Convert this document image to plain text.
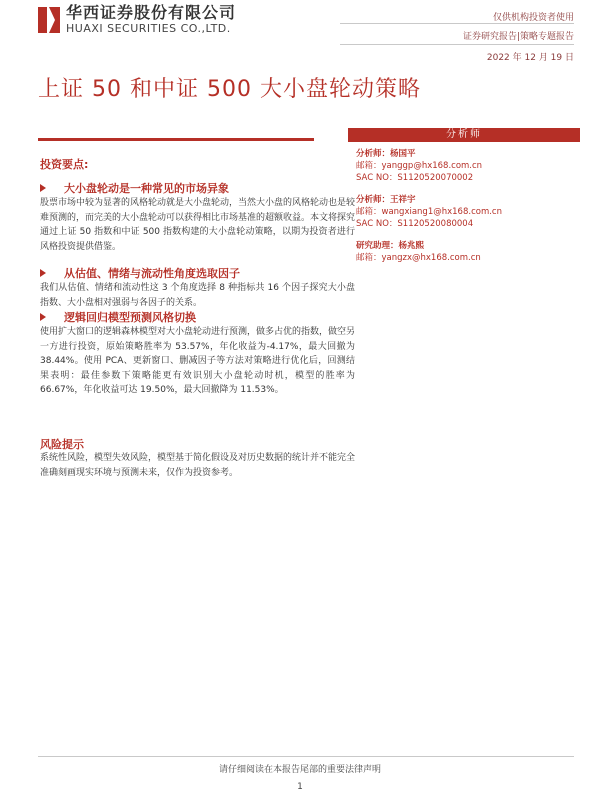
华西证券股份有限公司
HUAXI SECURITIES CO.,LTD.
仅供机构投资者使用
证券研究报告|策略专题报告
2022 年 12 月 19 日
上证 50 和中证 500 大小盘轮动策略
投资要点:
大小盘轮动是一种常见的市场异象
股票市场中较为显著的风格轮动就是大小盘轮动，当然大小盘的风格轮动也是较难预测的，而完美的大小盘轮动可以获得相比市场基准的超额收益。本文将探究通过上证 50 指数和中证 500 指数构建的大小盘轮动策略，以期为投资者进行风格投资提供借鉴。
从估值、情绪与流动性角度选取因子
我们从估值、情绪和流动性这 3 个角度选择 8 种指标共 16 个因子探究大小盘指数、大小盘相对强弱与各因子的关系。
逻辑回归模型预测风格切换
使用扩大窗口的逻辑森林模型对大小盘轮动进行预测，做多占优的指数，做空另一方进行投资，原始策略胜率为 53.57%，年化收益为-4.17%，最大回撤为 38.44%。使用 PCA、更新窗口、删减因子等方法对策略进行优化后，回测结果表明：最佳参数下策略能更有效识别大小盘轮动时机，模型的胜率为 66.67%，年化收益可达 19.50%，最大回撤降为 11.53%。
风险提示
系统性风险，模型失效风险，模型基于简化假设及对历史数据的统计并不能完全准确刻画现实环境与预测未来，仅作为投资参考。
分析师
分析师：杨国平
邮箱：yanggp@hx168.com.cn
SAC NO：S1120520070002
分析师：王祥宇
邮箱：wangxiang1@hx168.com.cn
SAC NO：S1120520080004
研究助理：杨兆熙
邮箱：yangzx@hx168.com.cn
请仔细阅读在本报告尾部的重要法律声明
1
